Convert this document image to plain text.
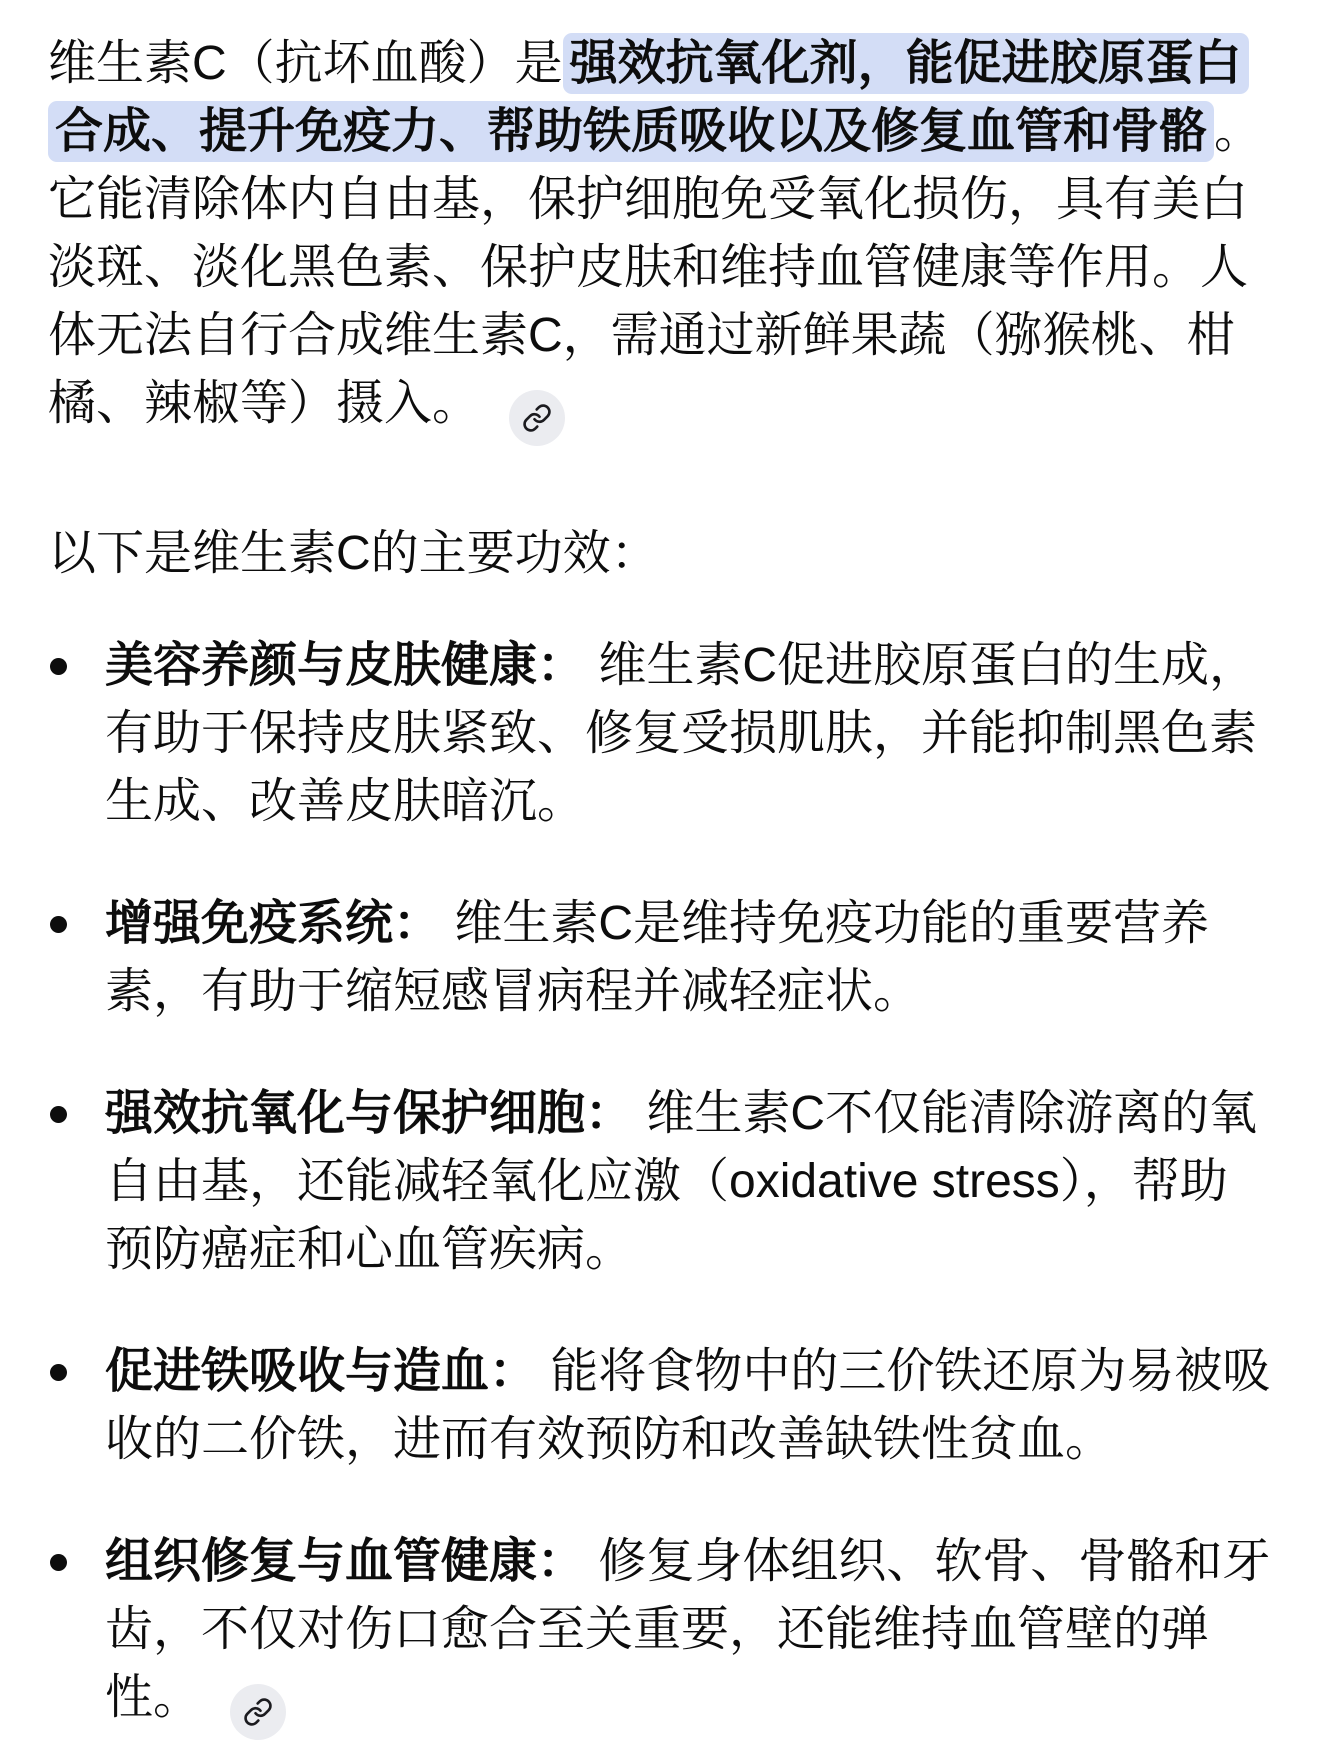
维生素C（抗坏血酸）是 强效抗氧化剂，能促进胶原蛋白合成、提升免疫力、帮助铁质吸收以及修复血管和骨骼 。它能清除体内自由基，保护细胞免受氧化损伤，具有美白淡斑、淡化黑色素、保护皮肤和维持血管健康等作用。人体无法自行合成维生素C，需通过新鲜果蔬（猕猴桃、柑橘、辣椒等）摄入。

以下是维生素C的主要功效：

美容养颜与皮肤健康： 维生素C促进胶原蛋白的生成，有助于保持皮肤紧致、修复受损肌肤，并能抑制黑色素生成、改善皮肤暗沉。
增强免疫系统： 维生素C是维持免疫功能的重要营养素，有助于缩短感冒病程并减轻症状。
强效抗氧化与保护细胞： 维生素C不仅能清除游离的氧自由基，还能减轻氧化应激（oxidative stress），帮助预防癌症和心血管疾病。
促进铁吸收与造血： 能将食物中的三价铁还原为易被吸收的二价铁，进而有效预防和改善缺铁性贫血。
组织修复与血管健康： 修复身体组织、软骨、骨骼和牙齿，不仅对伤口愈合至关重要，还能维持血管壁的弹性。
